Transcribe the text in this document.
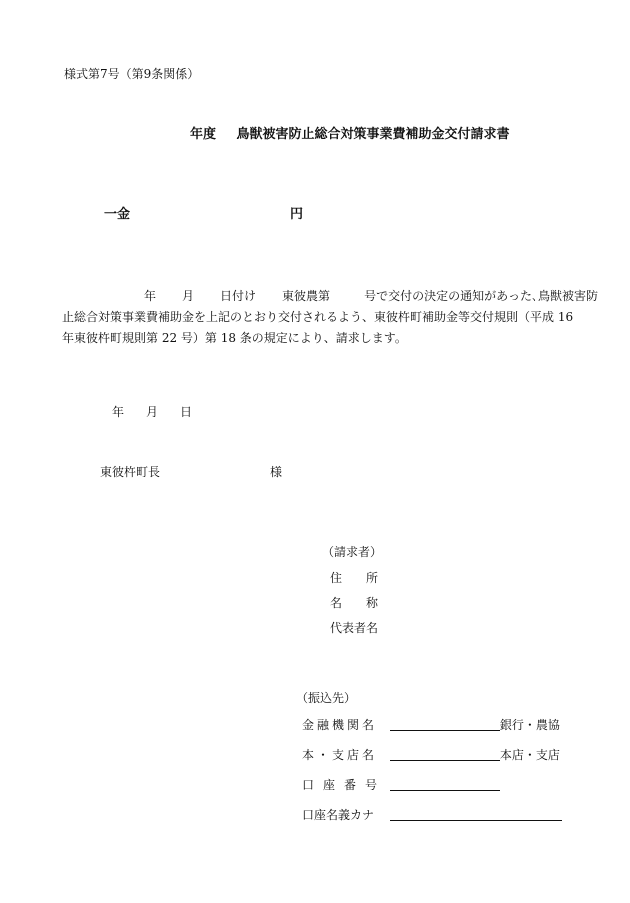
様式第7号（第9条関係）
年度 鳥獣被害防止総合対策事業費補助金交付請求書
一金	円
年 月 日付け 東彼農第	号で交付の決定の通知があった､鳥獣被害防
止総合対策事業費補助金を上記のとおり交付されるよう、東彼杵町補助金等交付規則（平成 16
年東彼杵町規則第 22 号）第 18 条の規定により、請求します。
年 月 日
東彼杵町長	様
（請求者）
住 所
名 称
代表者名
（振込先）
金融機関名	銀行・農協
本・支店名	本店・支店
口座番号
口座名義カナ
